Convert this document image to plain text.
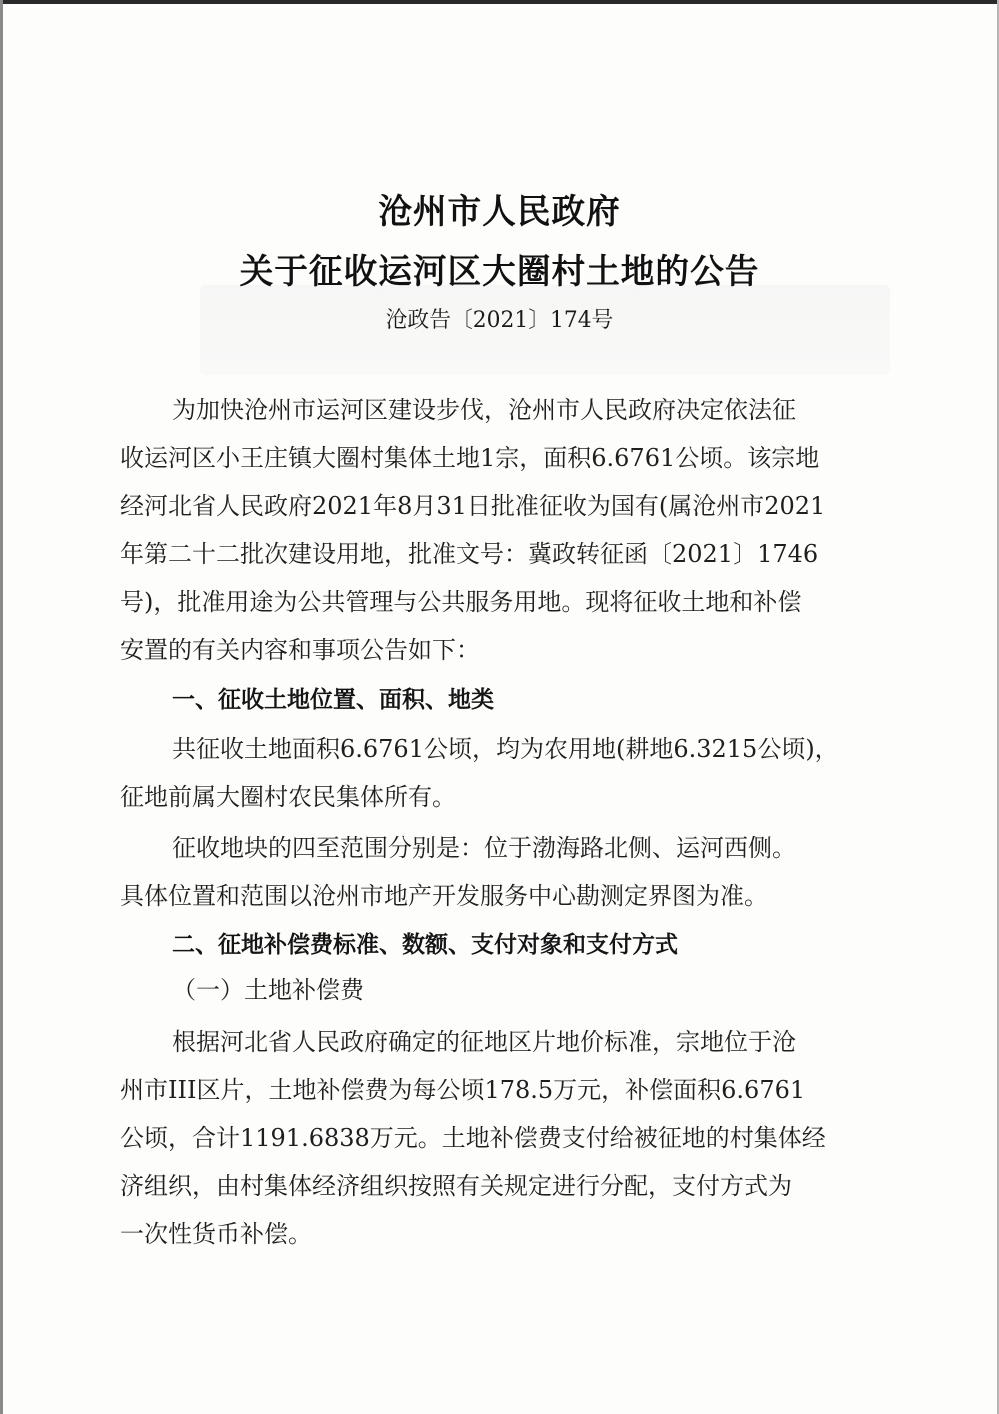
沧州市人民政府
关于征收运河区大圈村土地的公告
沧政告〔2021〕174号
为加快沧州市运河区建设步伐，沧州市人民政府决定依法征
收运河区小王庄镇大圈村集体土地1宗，面积6.6761公顷。该宗地
经河北省人民政府2021年8月31日批准征收为国有(属沧州市2021
年第二十二批次建设用地，批准文号：冀政转征函〔2021〕1746
号)，批准用途为公共管理与公共服务用地。现将征收土地和补偿
安置的有关内容和事项公告如下：
一、征收土地位置、面积、地类
共征收土地面积6.6761公顷，均为农用地(耕地6.3215公顷)，
征地前属大圈村农民集体所有。
征收地块的四至范围分别是：位于渤海路北侧、运河西侧。
具体位置和范围以沧州市地产开发服务中心勘测定界图为准。
二、征地补偿费标准、数额、支付对象和支付方式
（一）土地补偿费
根据河北省人民政府确定的征地区片地价标准，宗地位于沧
州市III区片，土地补偿费为每公顷178.5万元，补偿面积6.6761
公顷，合计1191.6838万元。土地补偿费支付给被征地的村集体经
济组织，由村集体经济组织按照有关规定进行分配，支付方式为
一次性货币补偿。
